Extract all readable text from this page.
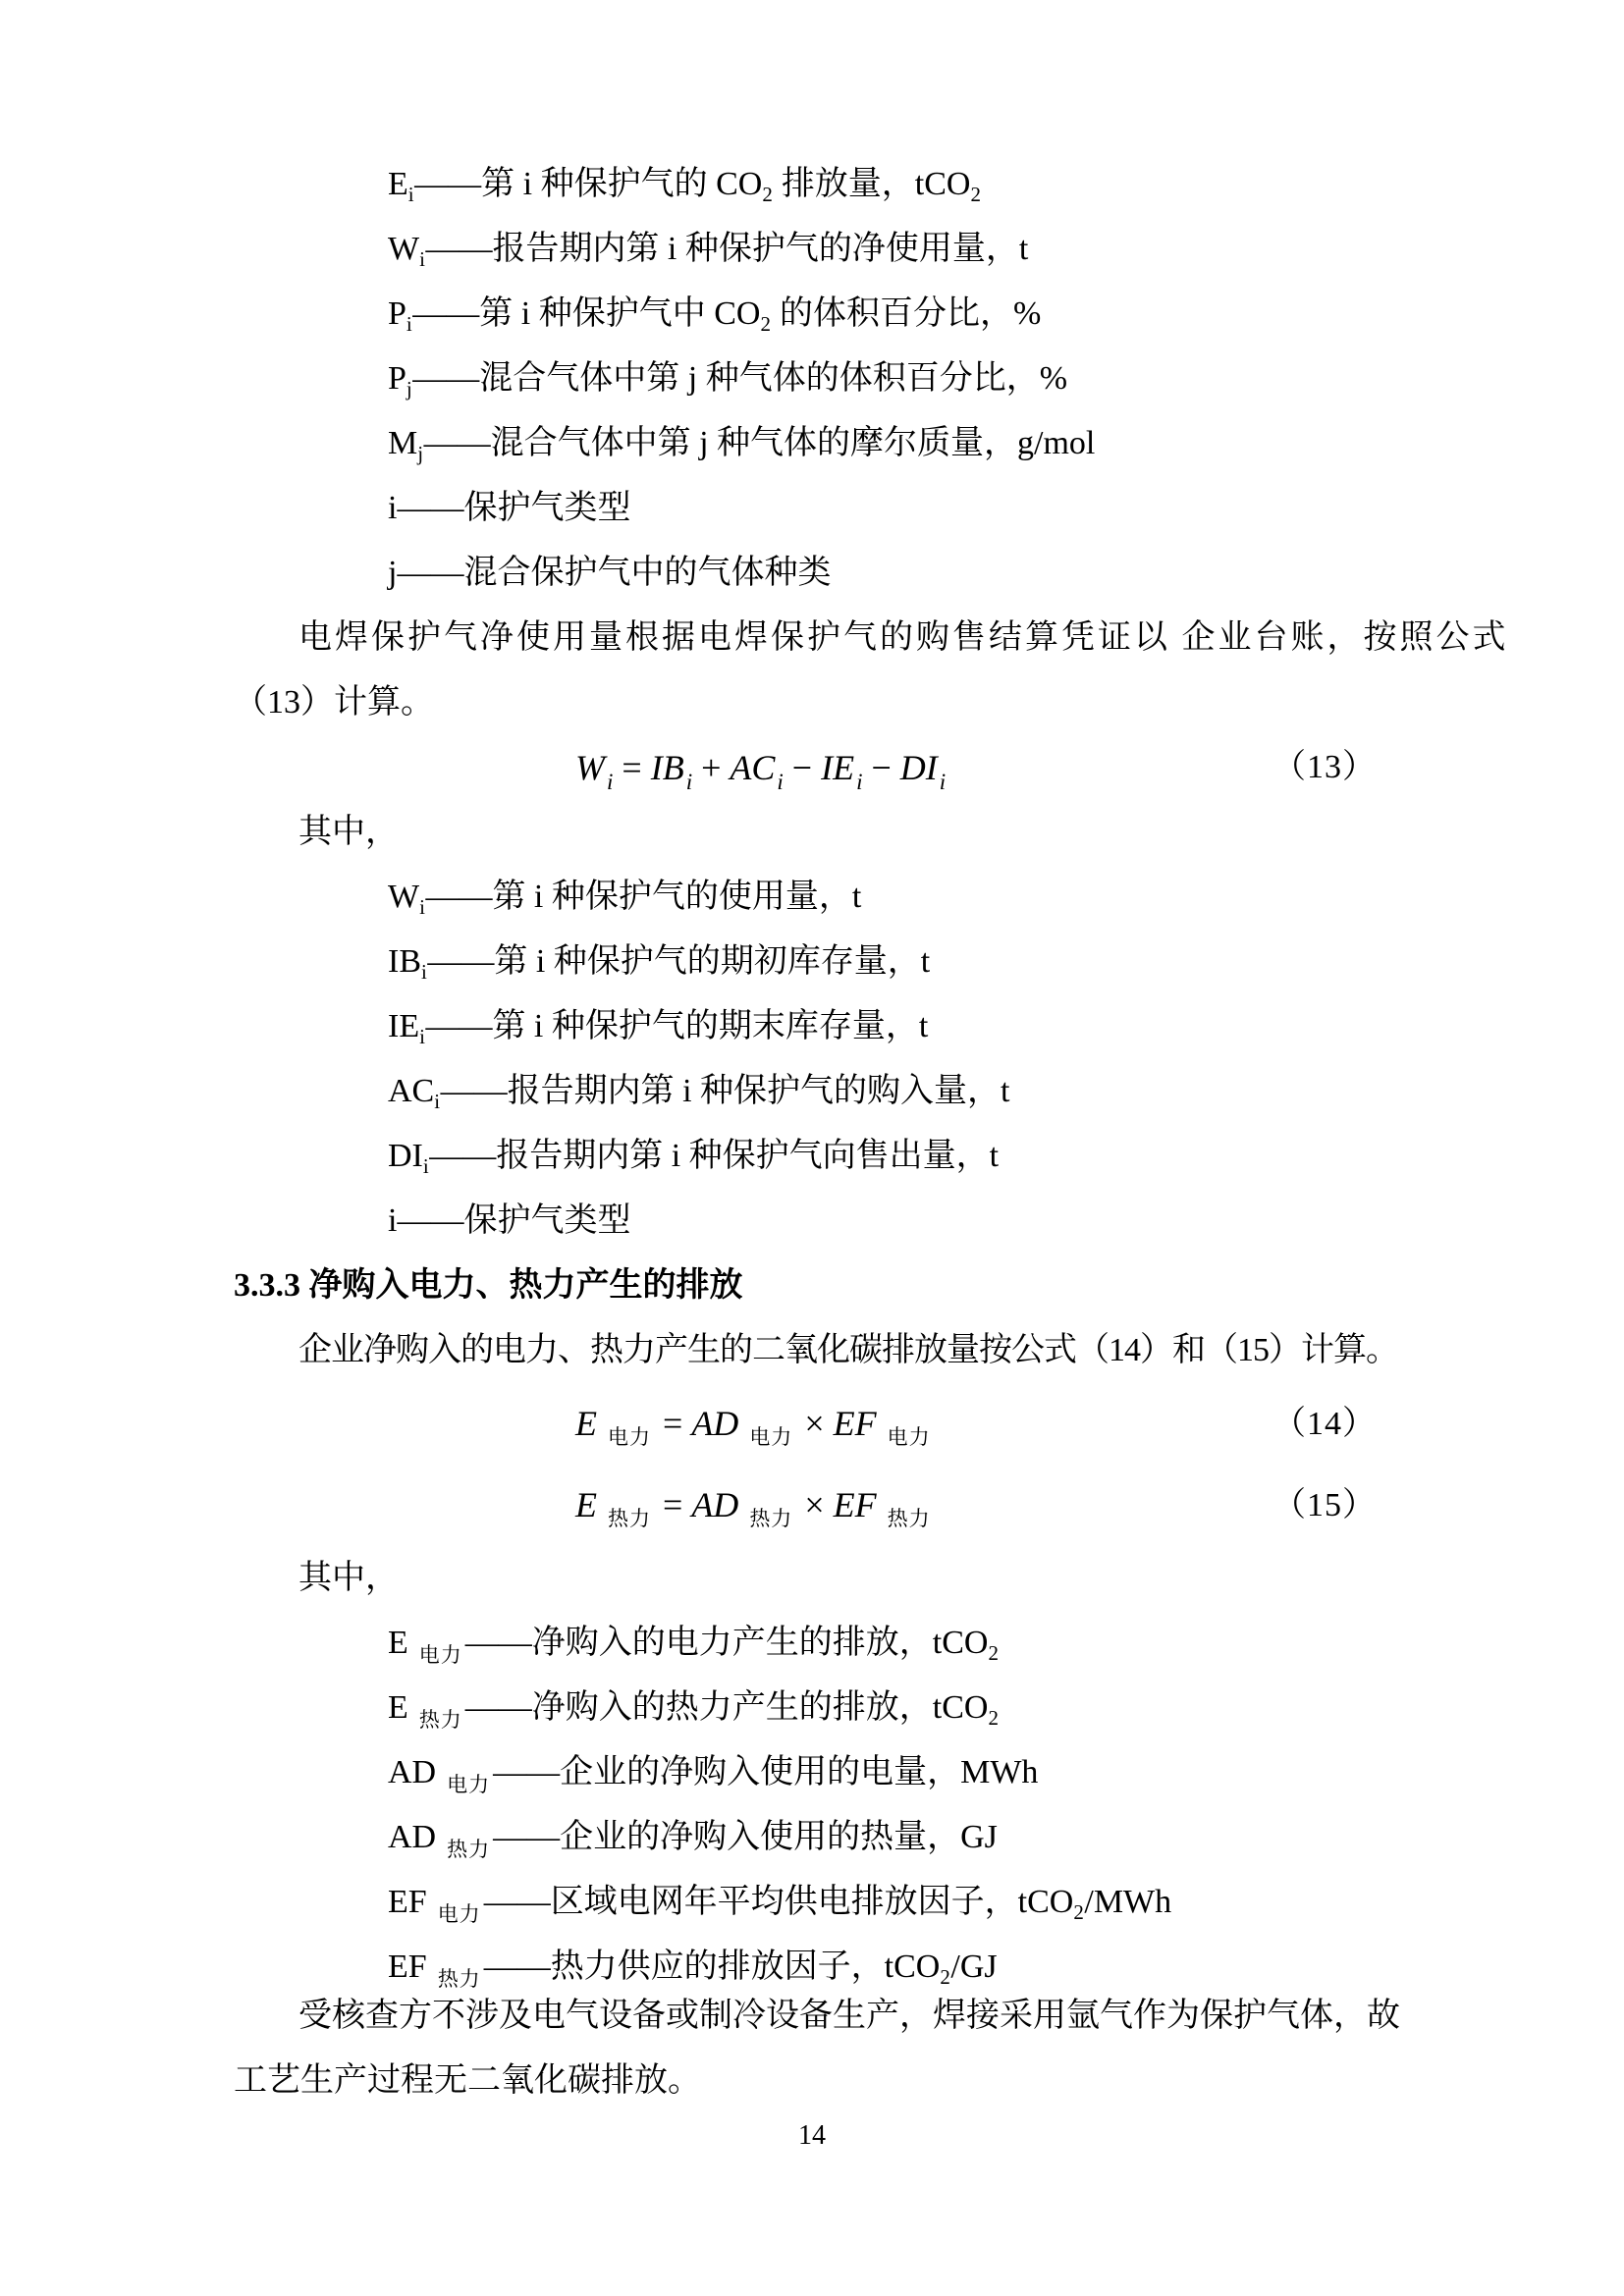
$E_i——$第 i 种保护气的 $CO_2$ 排放量，tCO$_2$
$W_i——$报告期内第 i 种保护气的净使用量，t
$P_i——$第 i 种保护气中 $CO_2$ 的体积百分比，%
$P_j——$混合气体中第 j 种气体的体积百分比，%
$M_j——$混合气体中第 j 种气体的摩尔质量，g/mol
i——保护气类型
j——混合保护气中的气体种类
电焊保护气净使用量根据电焊保护气的购售结算凭证以 企业台账，按照公式
（13）计算。
$W_i = IB_i + AC_i - IE_i - DI_i$	（13）
其中，
$W_i——$第 i 种保护气的使用量，t
$IB_i——$第 i 种保护气的期初库存量，t
$IE_i——$第 i 种保护气的期末库存量，t
$AC_i——$报告期内第 i 种保护气的购入量，t
$DI_i——$报告期内第 i 种保护气向售出量，t
i——保护气类型
3.3.3 净购入电力、热力产生的排放
企业净购入的电力、热力产生的二氧化碳排放量按公式（14）和（15）计算。
E $_{电力}$ = AD $_{电力}$ × EF $_{电力}$	（14）
E $_{热力}$ = AD $_{热力}$ × EF $_{热力}$	（15）
其中，
E $_{电力}$——净购入的电力产生的排放，tCO$_2$
E $_{热力}$——净购入的热力产生的排放，tCO$_2$
AD $_{电力}$——企业的净购入使用的电量，MWh
AD $_{热力}$——企业的净购入使用的热量，GJ
EF $_{电力}$——区域电网年平均供电排放因子，tCO$_2$/MWh
EF $_{热力}$——热力供应的排放因子，tCO$_2$/GJ
受核查方不涉及电气设备或制冷设备生产，焊接采用氩气作为保护气体，故
工艺生产过程无二氧化碳排放。
14
